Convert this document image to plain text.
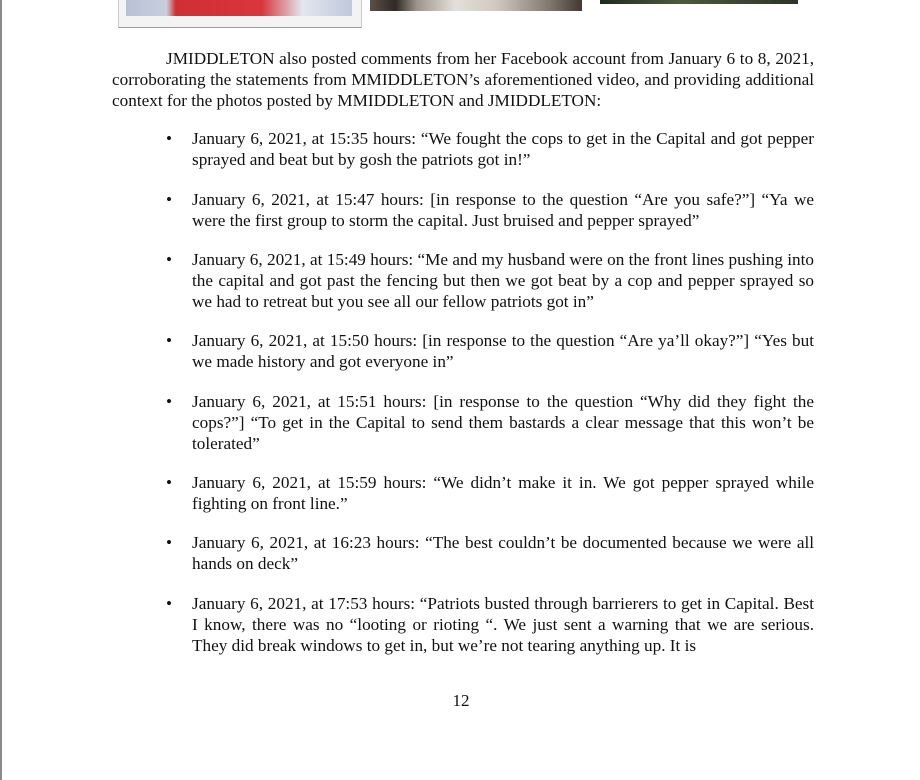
JMIDDLETON also posted comments from her Facebook account from January 6 to 8, 2021, corroborating the statements from MMIDDLETON’s aforementioned video, and providing additional context for the photos posted by MMIDDLETON and JMIDDLETON:

• January 6, 2021, at 15:35 hours: “We fought the cops to get in the Capital and got pepper sprayed and beat but by gosh the patriots got in!”
• January 6, 2021, at 15:47 hours: [in response to the question “Are you safe?”] “Ya we were the first group to storm the capital. Just bruised and pepper sprayed”
• January 6, 2021, at 15:49 hours: “Me and my husband were on the front lines pushing into the capital and got past the fencing but then we got beat by a cop and pepper sprayed so we had to retreat but you see all our fellow patriots got in”
• January 6, 2021, at 15:50 hours: [in response to the question “Are ya’ll okay?”] “Yes but we made history and got everyone in”
• January 6, 2021, at 15:51 hours: [in response to the question “Why did they fight the cops?”] “To get in the Capital to send them bastards a clear message that this won’t be tolerated”
• January 6, 2021, at 15:59 hours: “We didn’t make it in. We got pepper sprayed while fighting on front line.”
• January 6, 2021, at 16:23 hours: “The best couldn’t be documented because we were all hands on deck”
• January 6, 2021, at 17:53 hours: “Patriots busted through barrierers to get in Capital. Best I know, there was no “looting or rioting “. We just sent a warning that we are serious. They did break windows to get in, but we’re not tearing anything up. It is
12
